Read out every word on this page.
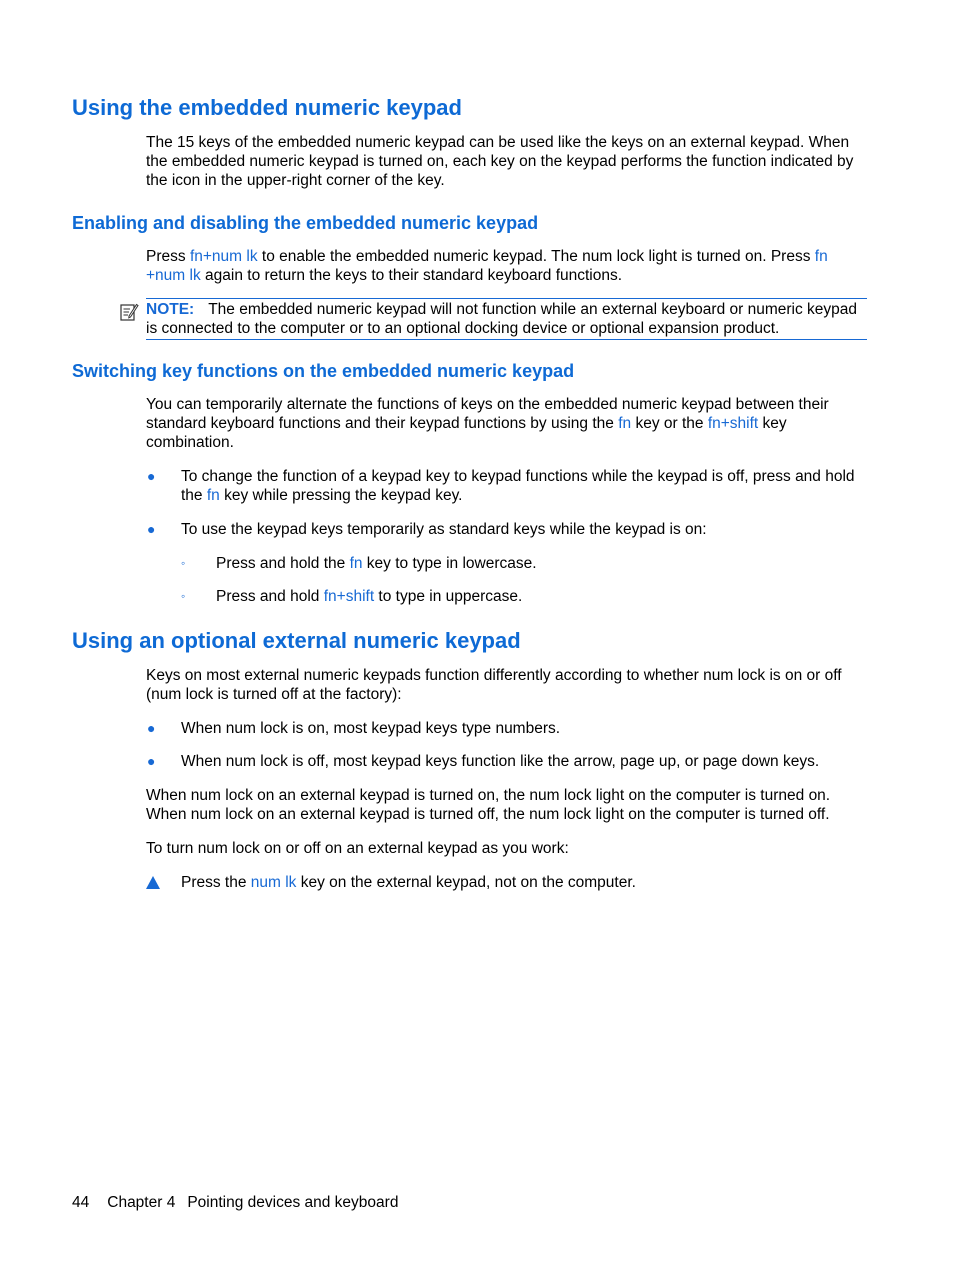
Using the embedded numeric keypad
The 15 keys of the embedded numeric keypad can be used like the keys on an external keypad. When
the embedded numeric keypad is turned on, each key on the keypad performs the function indicated by
the icon in the upper-right corner of the key.
Enabling and disabling the embedded numeric keypad
Press fn+num lk to enable the embedded numeric keypad. The num lock light is turned on. Press fn
+num lk again to return the keys to their standard keyboard functions.
NOTE: The embedded numeric keypad will not function while an external keyboard or numeric keypad
is connected to the computer or to an optional docking device or optional expansion product.
Switching key functions on the embedded numeric keypad
You can temporarily alternate the functions of keys on the embedded numeric keypad between their
standard keyboard functions and their keypad functions by using the fn key or the fn+shift key
combination.
● To change the function of a keypad key to keypad functions while the keypad is off, press and hold
the fn key while pressing the keypad key.
● To use the keypad keys temporarily as standard keys while the keypad is on:
◦	Press and hold the fn key to type in lowercase.
◦	Press and hold fn+shift to type in uppercase.
Using an optional external numeric keypad
Keys on most external numeric keypads function differently according to whether num lock is on or off
(num lock is turned off at the factory):
● When num lock is on, most keypad keys type numbers.
● When num lock is off, most keypad keys function like the arrow, page up, or page down keys.
When num lock on an external keypad is turned on, the num lock light on the computer is turned on.
When num lock on an external keypad is turned off, the num lock light on the computer is turned off.
To turn num lock on or off on an external keypad as you work:
Press the num lk key on the external keypad, not on the computer.
44 Chapter 4 Pointing devices and keyboard
